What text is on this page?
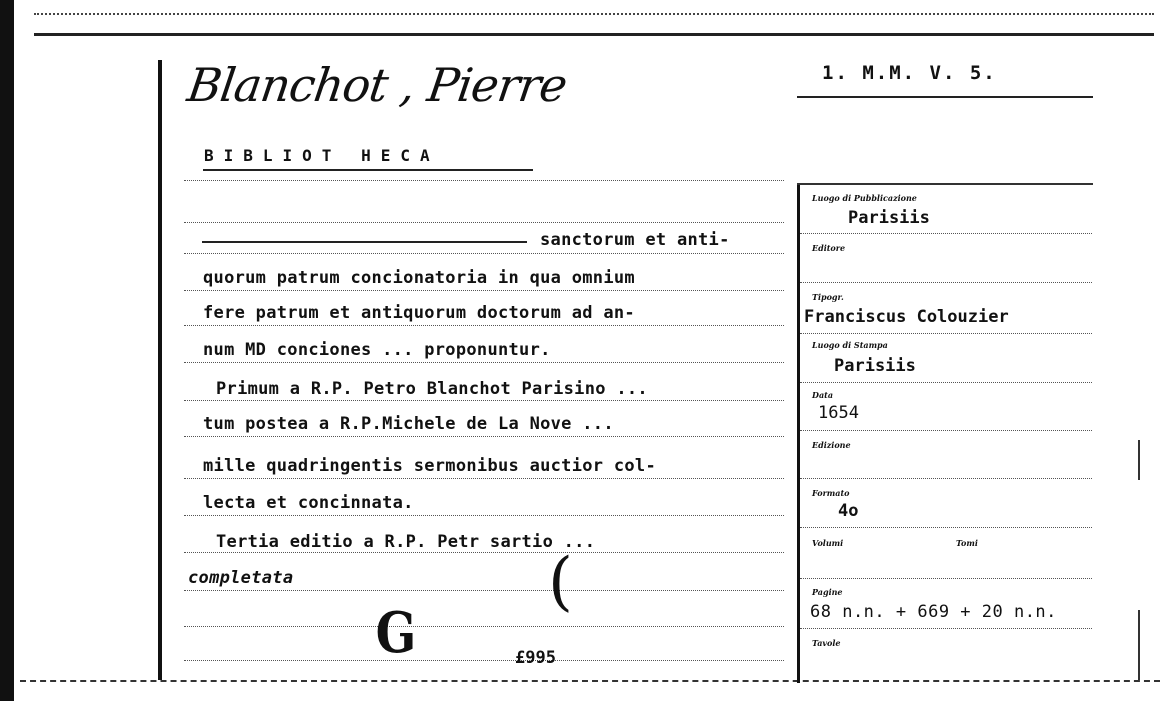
Blanchot , Pierre	1. M.M. V. 5.
BIBLIOT HECA
sanctorum et anti-
quorum patrum concionatoria in qua omnium
fere patrum et antiquorum doctorum ad an-
num MD conciones ... proponuntur.
Primum a R.P. Petro Blanchot Parisino ...
tum postea a R.P.Michele de La Nove ...
mille quadringentis sermonibus auctior col-
lecta et concinnata.
Tertia editio a R.P. Petr sartio ...
completata	(
G	£995
Luogo di Pubblicazione
Parisiis
Editore
Tipogr.
Franciscus Colouzier
Luogo di Stampa
Parisiis
Data
1654
Edizione
Formato
4o
Volumi	Tomi
Pagine
68 n.n. + 669 + 20 n.n.
Tavole
